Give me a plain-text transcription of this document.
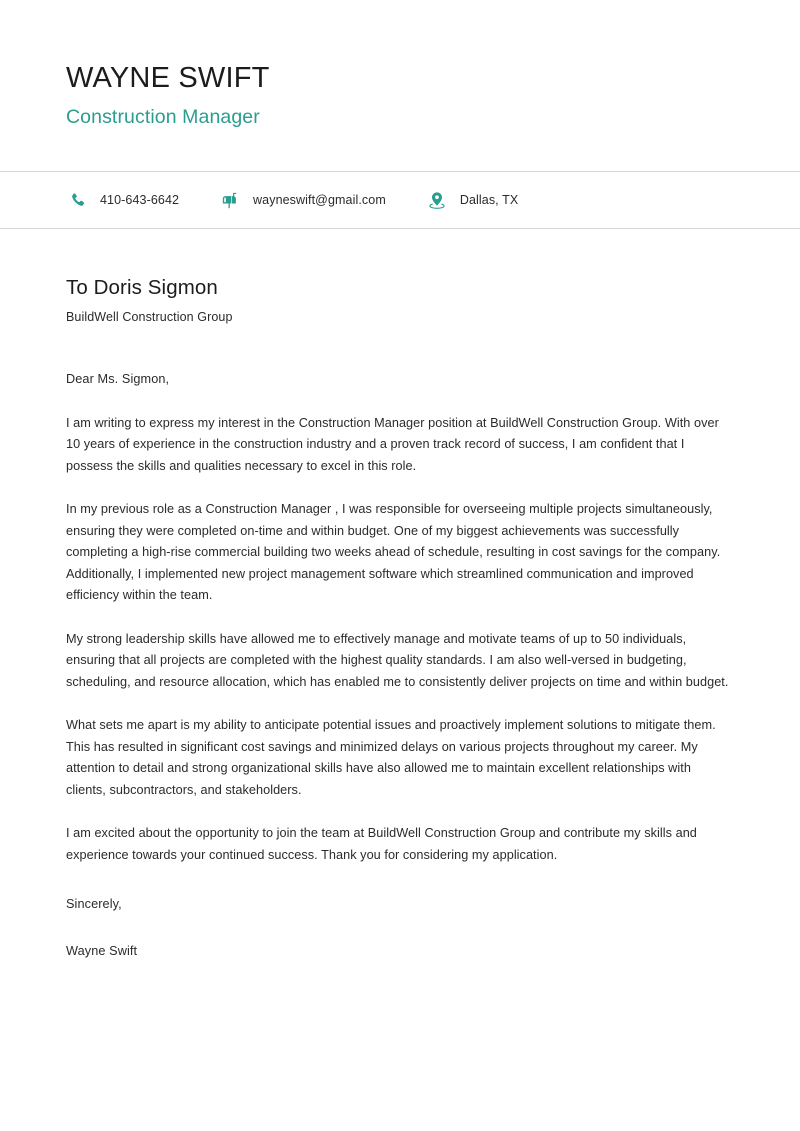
WAYNE SWIFT
Construction Manager
410-643-6642	wayneswift@gmail.com	Dallas, TX
To Doris Sigmon
BuildWell Construction Group
Dear Ms. Sigmon,

I am writing to express my interest in the Construction Manager position at BuildWell Construction Group. With over 10 years of experience in the construction industry and a proven track record of success, I am confident that I possess the skills and qualities necessary to excel in this role.

In my previous role as a Construction Manager , I was responsible for overseeing multiple projects simultaneously, ensuring they were completed on-time and within budget. One of my biggest achievements was successfully completing a high-rise commercial building two weeks ahead of schedule, resulting in cost savings for the company. Additionally, I implemented new project management software which streamlined communication and improved efficiency within the team.

My strong leadership skills have allowed me to effectively manage and motivate teams of up to 50 individuals, ensuring that all projects are completed with the highest quality standards. I am also well-versed in budgeting, scheduling, and resource allocation, which has enabled me to consistently deliver projects on time and within budget.

What sets me apart is my ability to anticipate potential issues and proactively implement solutions to mitigate them. This has resulted in significant cost savings and minimized delays on various projects throughout my career. My attention to detail and strong organizational skills have also allowed me to maintain excellent relationships with clients, subcontractors, and stakeholders.

I am excited about the opportunity to join the team at BuildWell Construction Group and contribute my skills and experience towards your continued success. Thank you for considering my application.

Sincerely,
Wayne Swift
